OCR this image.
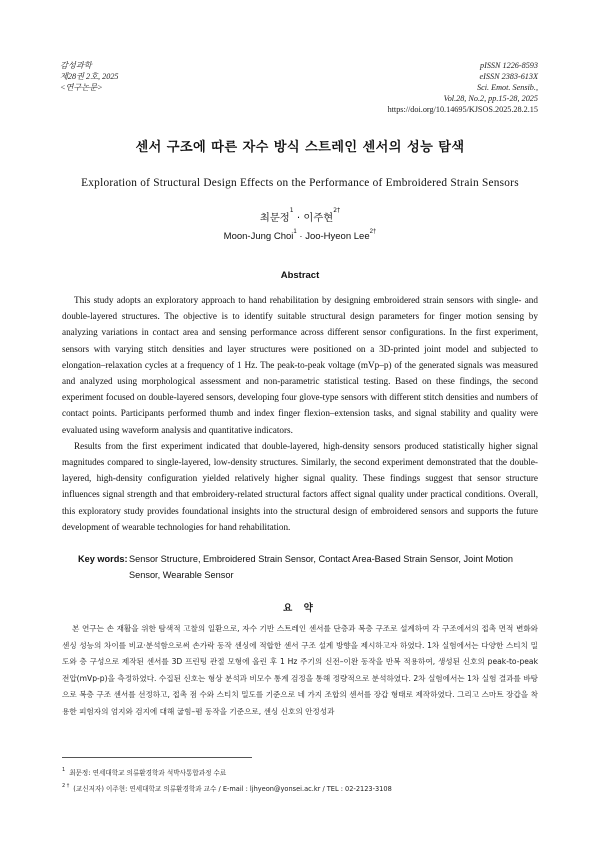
감성과학
제28권 2호, 2025
<연구논문>
pISSN 1226-8593
eISSN 2383-613X
Sci. Emot. Sensib.,
Vol.28, No.2, pp.15-28, 2025
https://doi.org/10.14695/KJSOS.2025.28.2.15
센서 구조에 따른 자수 방식 스트레인 센서의 성능 탐색
Exploration of Structural Design Effects on the Performance of Embroidered Strain Sensors
최문정$^1$ · 이주현$^{2\dagger}$
Moon-Jung Choi$^1$ · Joo-Hyeon Lee$^{2\dagger}$
Abstract

This study adopts an exploratory approach to hand rehabilitation by designing embroidered strain sensors with single- and double-layered structures. The objective is to identify suitable structural design parameters for finger motion sensing by analyzing variations in contact area and sensing performance across different sensor configurations. In the first experiment, sensors with varying stitch densities and layer structures were positioned on a 3D-printed joint model and subjected to elongation–relaxation cycles at a frequency of 1 Hz. The peak-to-peak voltage (mVp–p) of the generated signals was measured and analyzed using morphological assessment and non-parametric statistical testing. Based on these findings, the second experiment focused on double-layered sensors, developing four glove-type sensors with different stitch densities and numbers of contact points. Participants performed thumb and index finger flexion–extension tasks, and signal stability and quality were evaluated using waveform analysis and quantitative indicators.

Results from the first experiment indicated that double-layered, high-density sensors produced statistically higher signal magnitudes compared to single-layered, low-density structures. Similarly, the second experiment demonstrated that the double-layered, high-density configuration yielded relatively higher signal quality. These findings suggest that sensor structure influences signal strength and that embroidery-related structural factors affect signal quality under practical conditions. Overall, this exploratory study provides foundational insights into the structural design of embroidered sensors and supports the future development of wearable technologies for hand rehabilitation.

Key words: Sensor Structure, Embroidered Strain Sensor, Contact Area-Based Strain Sensor, Joint Motion Sensor, Wearable Sensor
요 약

본 연구는 손 재활을 위한 탐색적 고찰의 일환으로, 자수 기반 스트레인 센서를 단층과 복층 구조로 설계하여 각 구조에서의 접촉 면적 변화와 센싱 성능의 차이를 비교·분석함으로써 손가락 동작 센싱에 적합한 센서 구조 설계 방향을 제시하고자 하였다. 1차 실험에서는 다양한 스티치 밀도와 층 구성으로 제작된 센서를 3D 프린팅 관절 모형에 올린 후 1 Hz 주기의 신전–이완 동작을 반복 적용하여, 생성된 신호의 peak-to-peak 전압(mVp-p)을 측정하였다. 수집된 신호는 형상 분석과 비모수 통계 검정을 통해 정량적으로 분석하였다. 2차 실험에서는 1차 실험 결과를 바탕으로 복층 구조 센서를 선정하고, 접촉 점 수와 스티치 밀도를 기준으로 네 가지 조합의 센서를 장갑 형태로 제작하였다. 그리고 스마트 장갑을 착용한 피험자의 엄지와 검지에 대해 굽힘–폄 동작을 기준으로, 센싱 신호의 안정성과

$^1$ 최문정: 연세대학교 의류환경학과 석박사통합과정 수료
$^{2 \dagger}$ (교신저자) 이주현: 연세대학교 의류환경학과 교수 / E-mail : ljhyeon@yonsei.ac.kr / TEL : 02-2123-3108
